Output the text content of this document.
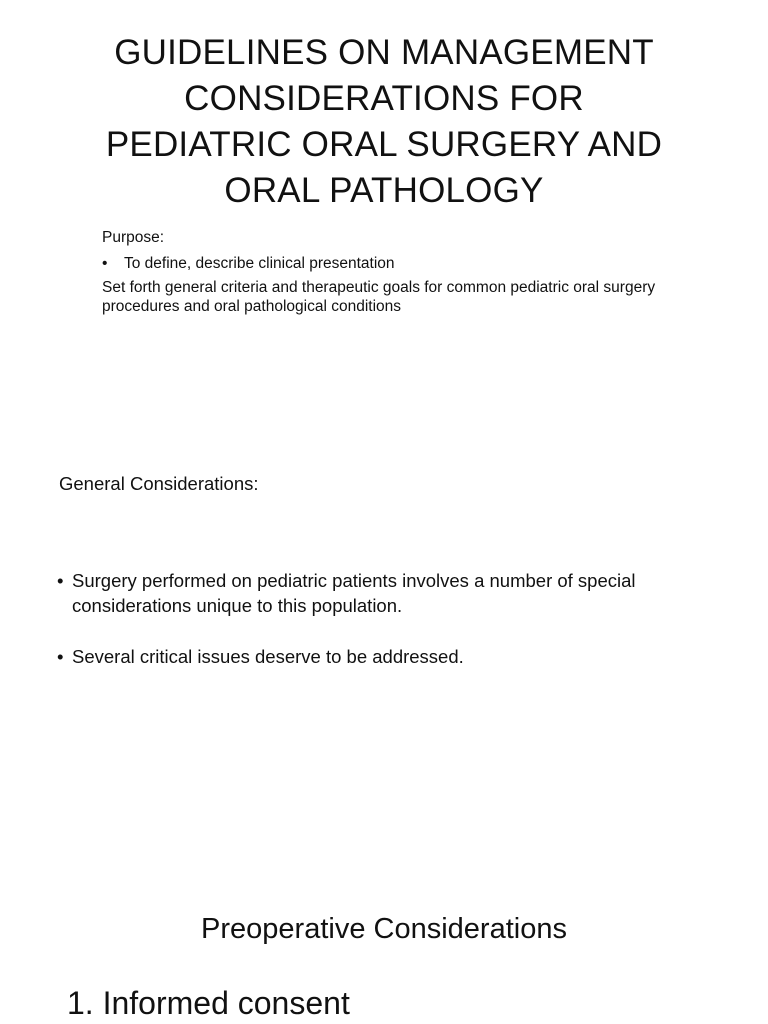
GUIDELINES ON MANAGEMENT
CONSIDERATIONS FOR
PEDIATRIC ORAL SURGERY AND
ORAL PATHOLOGY
Purpose:
•	To define, describe clinical presentation
Set forth general criteria and therapeutic goals for common pediatric oral surgery procedures and oral pathological conditions
General Considerations:
• Surgery performed on pediatric patients involves a number of special considerations unique to this population.
• Several critical issues deserve to be addressed.
Preoperative Considerations
1. Informed consent
